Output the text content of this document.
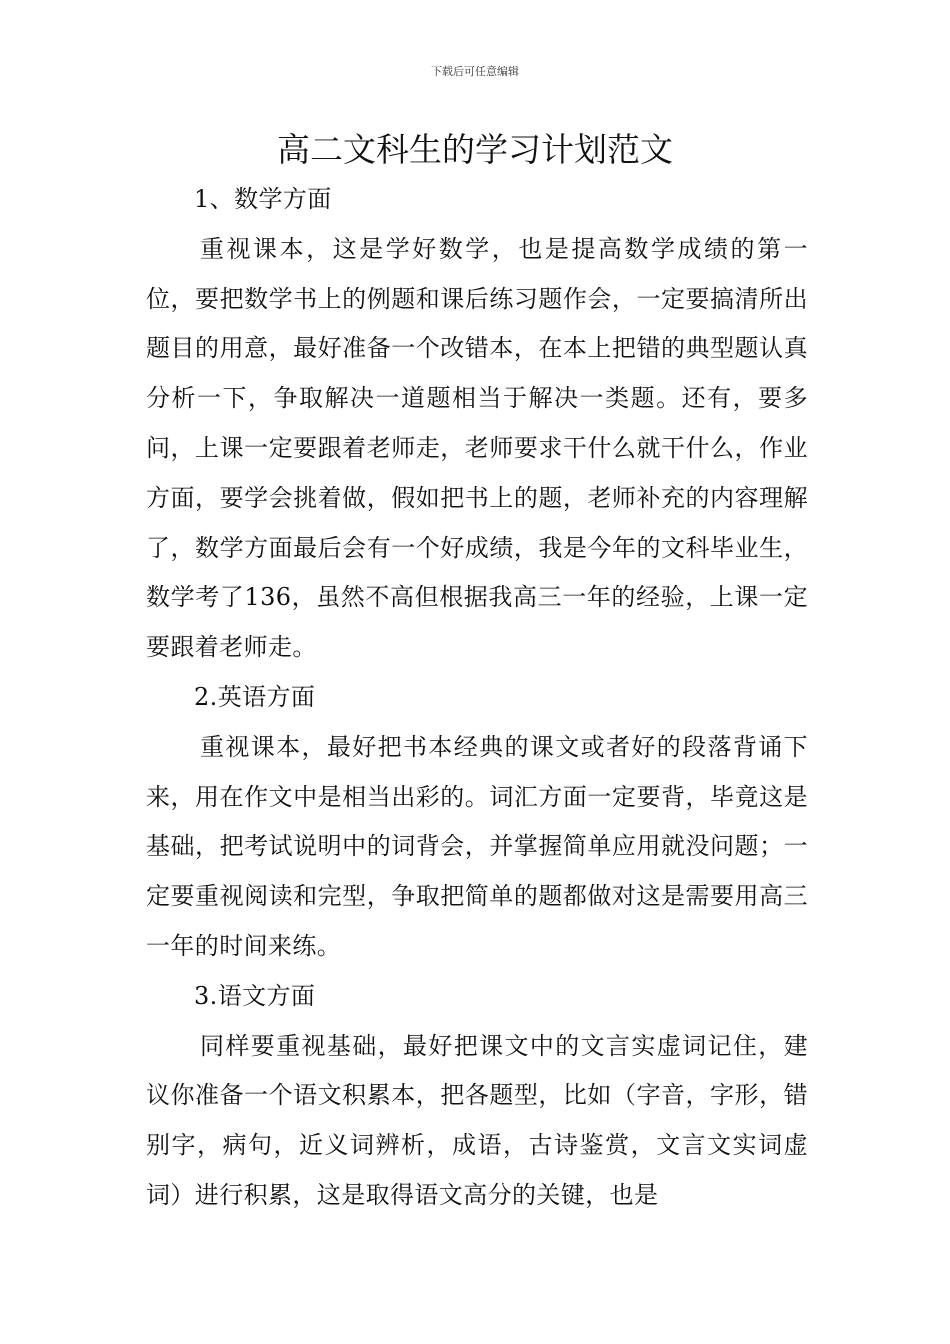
下载后可任意编辑
高二文科生的学习计划范文

1、数学方面

重视课本，这是学好数学，也是提高数学成绩的第一位，要把数学书上的例题和课后练习题作会，一定要搞清所出题目的用意，最好准备一个改错本，在本上把错的典型题认真分析一下，争取解决一道题相当于解决一类题。还有，要多问，上课一定要跟着老师走，老师要求干什么就干什么，作业方面，要学会挑着做，假如把书上的题，老师补充的内容理解了，数学方面最后会有一个好成绩，我是今年的文科毕业生，数学考了136，虽然不高但根据我高三一年的经验，上课一定要跟着老师走。

2.英语方面

重视课本，最好把书本经典的课文或者好的段落背诵下来，用在作文中是相当出彩的。词汇方面一定要背，毕竟这是基础，把考试说明中的词背会，并掌握简单应用就没问题；一定要重视阅读和完型，争取把简单的题都做对这是需要用高三一年的时间来练。

3.语文方面

同样要重视基础，最好把课文中的文言实虚词记住，建议你准备一个语文积累本，把各题型，比如（字音，字形，错别字，病句，近义词辨析，成语，古诗鉴赏，文言文实词虚词）进行积累，这是取得语文高分的关键，也是
